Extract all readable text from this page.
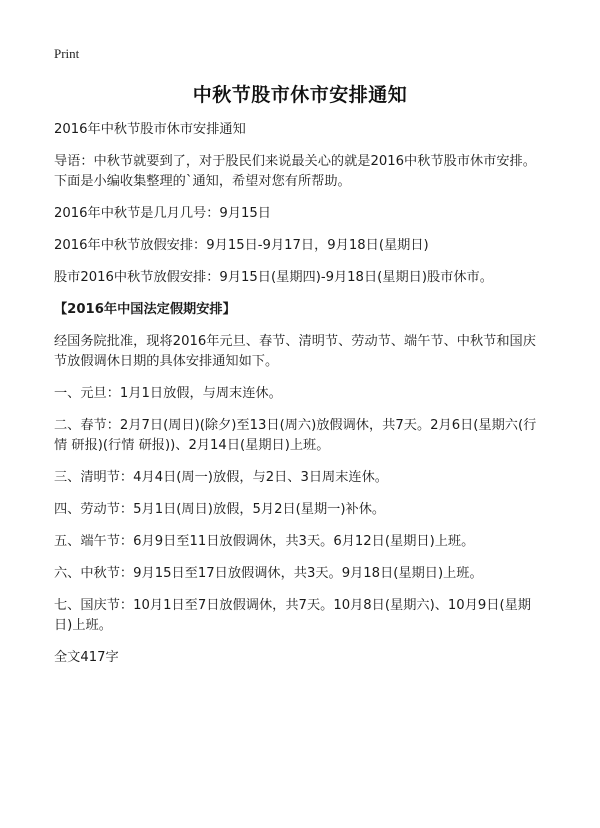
Print
中秋节股市休市安排通知

2016年中秋节股市休市安排通知

导语：中秋节就要到了，对于股民们来说最关心的就是2016中秋节股市休市安排。下面是小编收集整理的`通知，希望对您有所帮助。

2016年中秋节是几月几号：9月15日

2016年中秋节放假安排：9月15日-9月17日，9月18日(星期日)

股市2016中秋节放假安排：9月15日(星期四)-9月18日(星期日)股市休市。

【2016年中国法定假期安排】

经国务院批准，现将2016年元旦、春节、清明节、劳动节、端午节、中秋节和国庆节放假调休日期的具体安排通知如下。

一、元旦：1月1日放假，与周末连休。

二、春节：2月7日(周日)(除夕)至13日(周六)放假调休，共7天。2月6日(星期六(行情 研报)(行情 研报))、2月14日(星期日)上班。

三、清明节：4月4日(周一)放假，与2日、3日周末连休。

四、劳动节：5月1日(周日)放假，5月2日(星期一)补休。

五、端午节：6月9日至11日放假调休，共3天。6月12日(星期日)上班。

六、中秋节：9月15日至17日放假调休，共3天。9月18日(星期日)上班。

七、国庆节：10月1日至7日放假调休，共7天。10月8日(星期六)、10月9日(星期日)上班。

全文417字
